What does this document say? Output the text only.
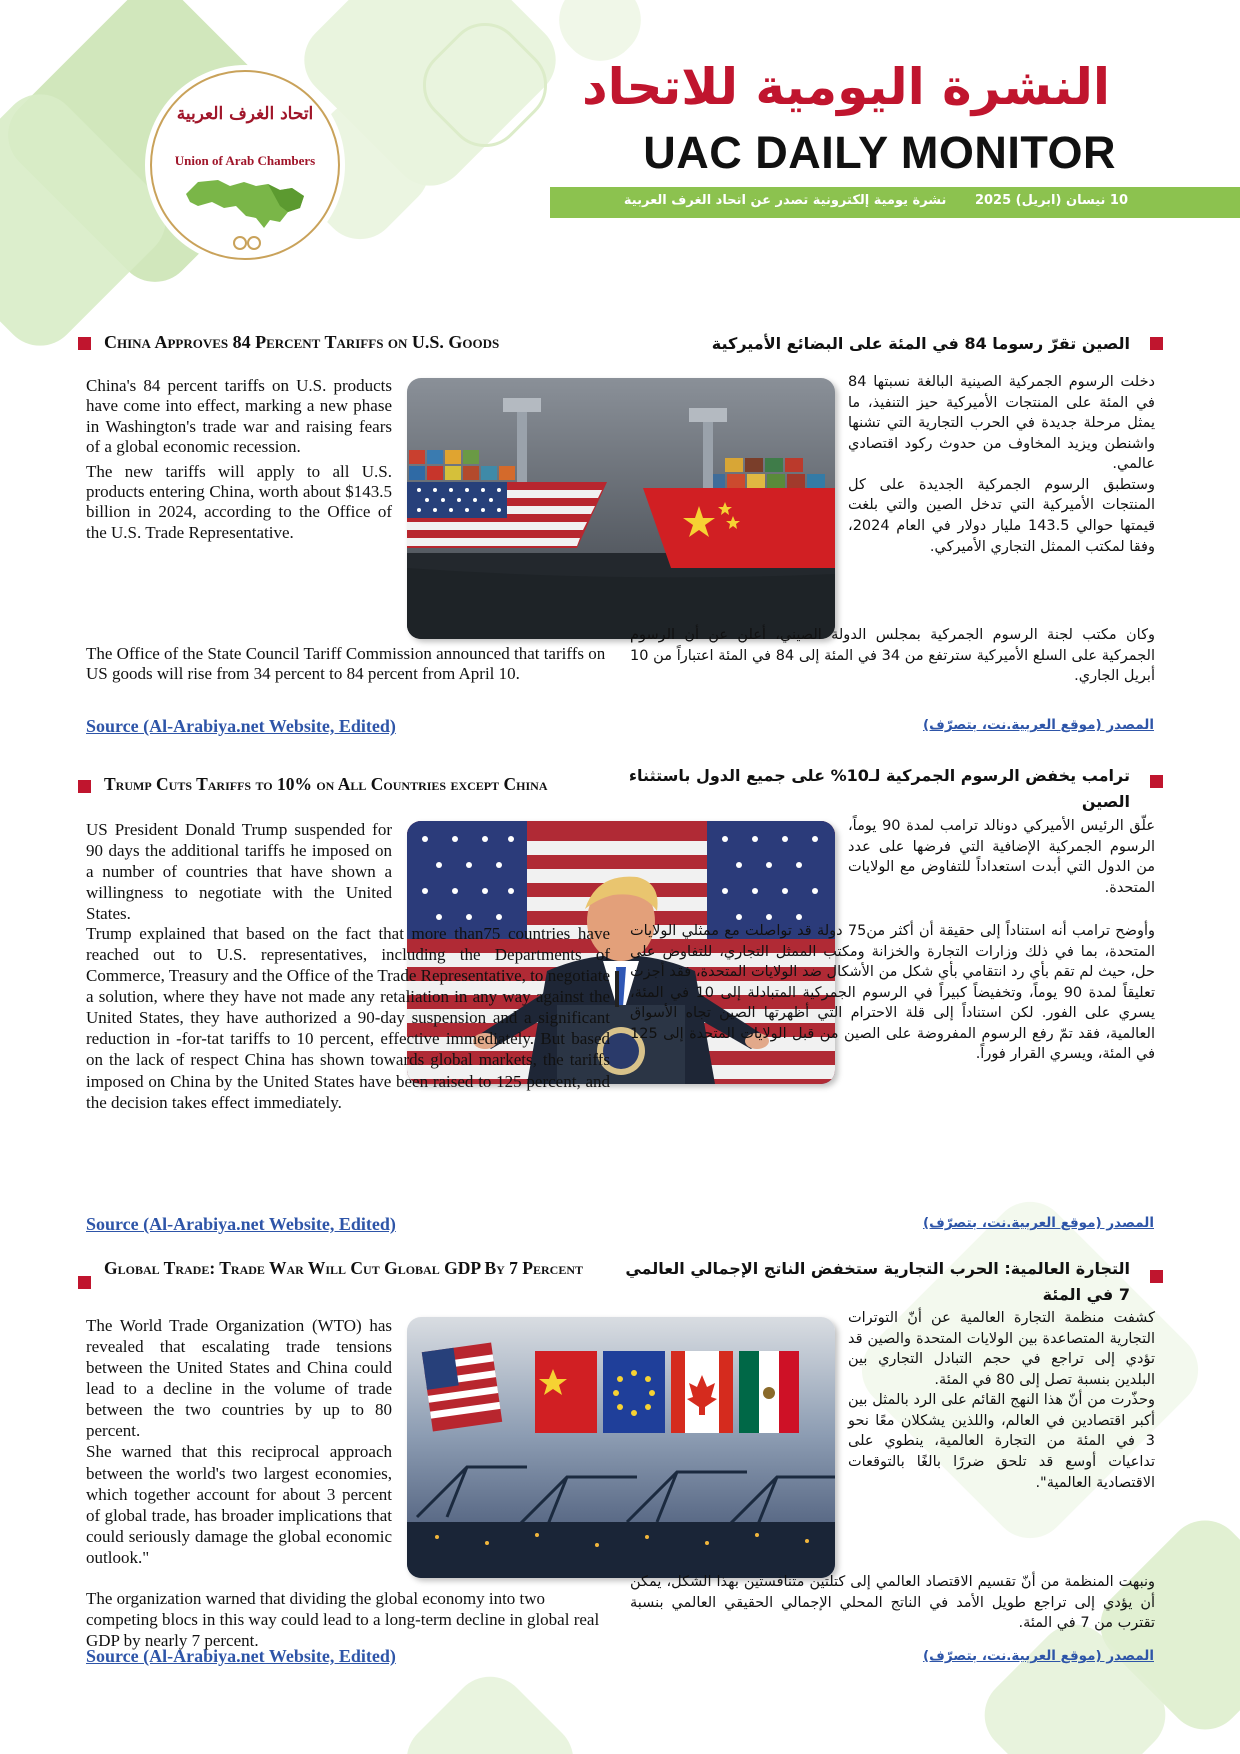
اتحاد الغرف العربية
Union of Arab Chambers
النشرة اليومية للاتحاد
UAC DAILY MONITOR
10 نيسان (ابريل) 2025 نشرة يومية إلكترونية تصدر عن اتحاد الغرف العربية
China Approves 84 Percent Tariffs on U.S. Goods	الصين تقرّ رسوما 84 في المئة على البضائع الأميركية

China's 84 percent tariffs on U.S. products have come into effect, marking a new phase in Washington's trade war and raising fears of a global economic recession.

The new tariffs will apply to all U.S. products entering China, worth about $143.5 billion in 2024, according to the Office of the U.S. Trade Representative.

The Office of the State Council Tariff Commission announced that tariffs on US goods will rise from 34 percent to 84 percent from April 10.

Source (Al-Arabiya.net Website, Edited)

دخلت الرسوم الجمركية الصينية البالغة نسبتها 84 في المئة على المنتجات الأميركية حيز التنفيذ، ما يمثل مرحلة جديدة في الحرب التجارية التي تشنها واشنطن ويزيد المخاوف من حدوث ركود اقتصادي عالمي.

وستطبق الرسوم الجمركية الجديدة على كل المنتجات الأميركية التي تدخل الصين والتي بلغت قيمتها حوالي 143.5 مليار دولار في العام 2024، وفقا لمكتب الممثل التجاري الأميركي.

وكان مكتب لجنة الرسوم الجمركية بمجلس الدولة الصيني، أعلن عن أن الرسوم الجمركية على السلع الأميركية سترتفع من 34 في المئة إلى 84 في المئة اعتباراً من 10 أبريل الجاري.

المصدر (موقع العربية.نت، بتصرّف)
Trump Cuts Tariffs to 10% on All Countries except China	ترامب يخفض الرسوم الجمركية لـ10% على جميع الدول باستثناء الصين

US President Donald Trump suspended for 90 days the additional tariffs he imposed on a number of countries that have shown a willingness to negotiate with the United States.

Trump explained that based on the fact that more than75 countries have reached out to U.S. representatives, including the Departments of Commerce, Treasury and the Office of the Trade Representative, to negotiate a solution, where they have not made any retaliation in any way against the United States, they have authorized a 90-day suspension and a significant reduction in -for-tat tariffs to 10 percent, effective immediately. But based on the lack of respect China has shown towards global markets, the tariffs imposed on China by the United States have been raised to 125 percent, and the decision takes effect immediately.

Source (Al-Arabiya.net Website, Edited)

علّق الرئيس الأميركي دونالد ترامب لمدة 90 يوماً، الرسوم الجمركية الإضافية التي فرضها على عدد من الدول التي أبدت استعداداً للتفاوض مع الولايات المتحدة.

وأوضح ترامب أنه استناداً إلى حقيقة أن أكثر من75 دولة قد تواصلت مع ممثلي الولايات المتحدة، بما في ذلك وزارات التجارة والخزانة ومكتب الممثل التجاري، للتفاوض على حل، حيث لم تقم بأي رد انتقامي بأي شكل من الأشكال ضد الولايات المتحدة، فقد أجزت تعليقاً لمدة 90 يوماً، وتخفيضاً كبيراً في الرسوم الجمركية المتبادلة إلى 10 في المئة، يسري على الفور. لكن استناداً إلى قلة الاحترام التي أظهرتها الصين تجاه الأسواق العالمية، فقد تمّ رفع الرسوم المفروضة على الصين من قبل الولايات المتحدة إلى 125 في المئة، ويسري القرار فوراً.

المصدر (موقع العربية.نت، بتصرّف)
Global Trade: Trade War Will Cut Global GDP By 7 Percent	التجارة العالمية: الحرب التجارية ستخفض الناتج الإجمالي العالمي 7 في المئة

The World Trade Organization (WTO) has revealed that escalating trade tensions between the United States and China could lead to a decline in the volume of trade between the two countries by up to 80 percent.

She warned that this reciprocal approach between the world's two largest economies, which together account for about 3 percent of global trade, has broader implications that could seriously damage the global economic outlook."

The organization warned that dividing the global economy into two competing blocs in this way could lead to a long-term decline in global real GDP by nearly 7 percent.

Source (Al-Arabiya.net Website, Edited)

كشفت منظمة التجارة العالمية عن أنّ التوترات التجارية المتصاعدة بين الولايات المتحدة والصين قد تؤدي إلى تراجع في حجم التبادل التجاري بين البلدين بنسبة تصل إلى 80 في المئة.

وحذّرت من أنّ هذا النهج القائم على الرد بالمثل بين أكبر اقتصادين في العالم، واللذين يشكلان معًا نحو 3 في المئة من التجارة العالمية، ينطوي على تداعيات أوسع قد تلحق ضررًا بالغًا بالتوقعات الاقتصادية العالمية".

ونبهت المنظمة من أنّ تقسيم الاقتصاد العالمي إلى كتلتين متنافستين بهذا الشكل، يمكن أن يؤدي إلى تراجع طويل الأمد في الناتج المحلي الإجمالي الحقيقي العالمي بنسبة تقترب من 7 في المئة.

المصدر (موقع العربية.نت، بتصرّف)
